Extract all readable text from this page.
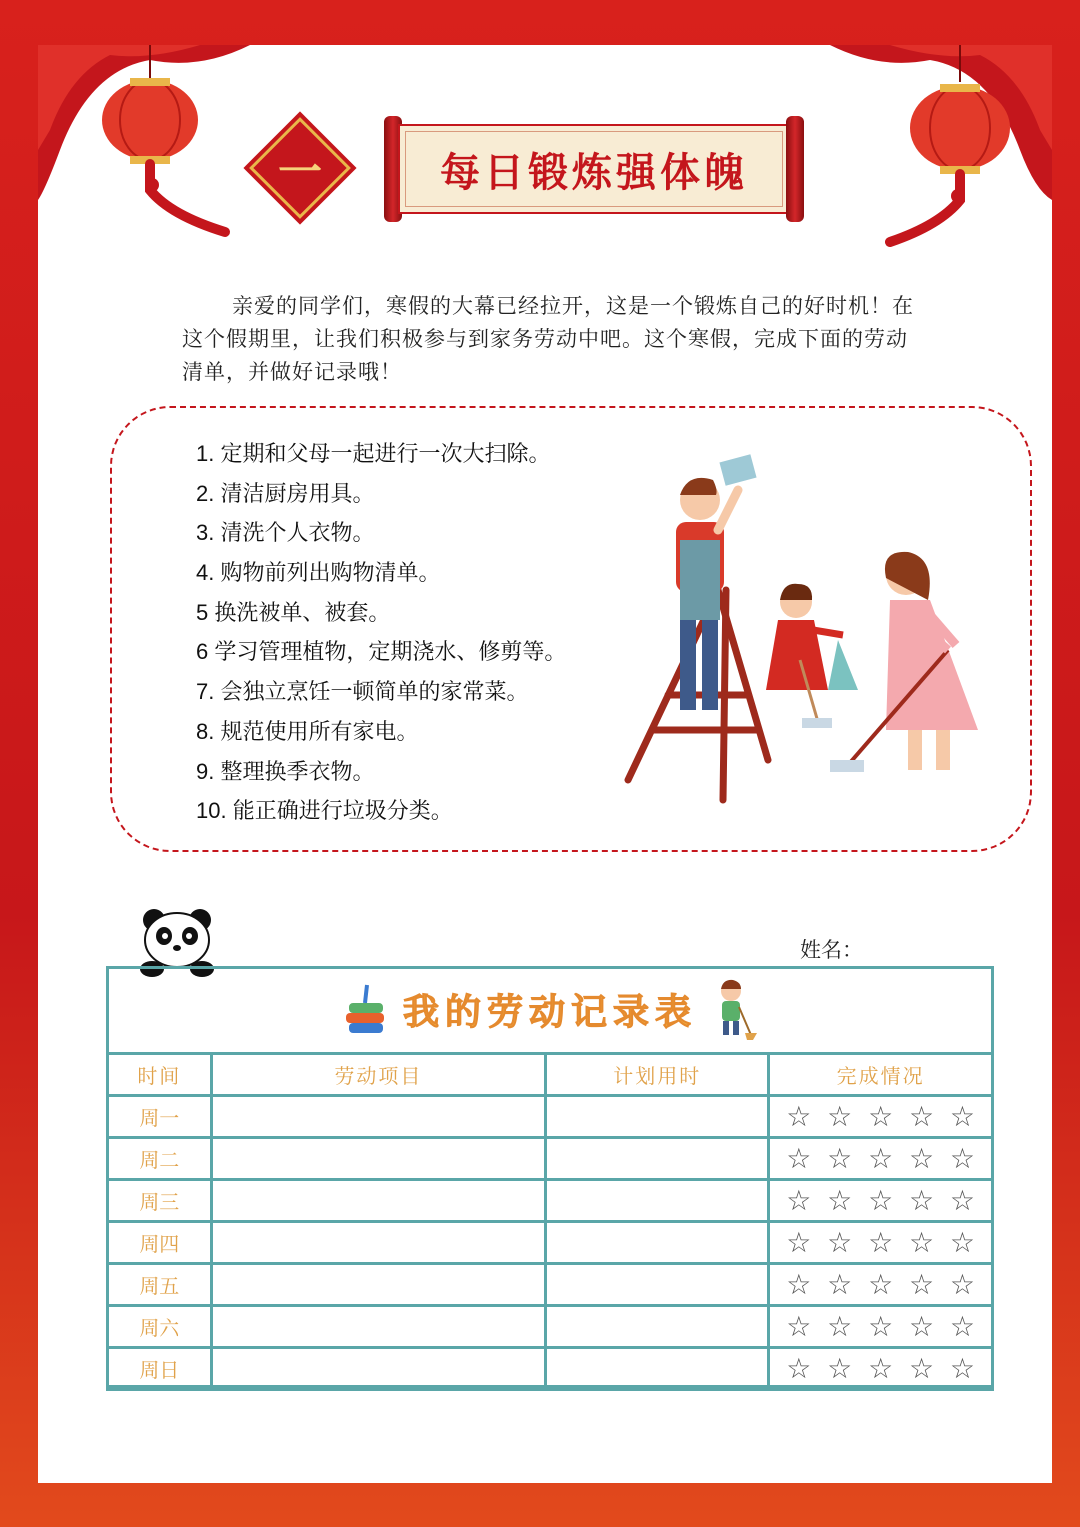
一	每日锻炼强体魄

亲爱的同学们，寒假的大幕已经拉开，这是一个锻炼自己的好时机！在这个假期里，让我们积极参与到家务劳动中吧。这个寒假，完成下面的劳动清单，并做好记录哦！

1. 定期和父母一起进行一次大扫除。
2. 清洁厨房用具。
3. 清洗个人衣物。
4. 购物前列出购物清单。
5 换洗被单、被套。
6 学习管理植物，定期浇水、修剪等。
7. 会独立烹饪一顿简单的家常菜。
8. 规范使用所有家电。
9. 整理换季衣物。
10. 能正确进行垃圾分类。
姓名：
我的劳动记录表
时间	劳动项目	计划用时	完成情况
周一			☆ ☆ ☆ ☆ ☆

周二			☆ ☆ ☆ ☆ ☆

周三			☆ ☆ ☆ ☆ ☆

周四			☆ ☆ ☆ ☆ ☆

周五			☆ ☆ ☆ ☆ ☆

周六			☆ ☆ ☆ ☆ ☆

周日			☆ ☆ ☆ ☆ ☆
